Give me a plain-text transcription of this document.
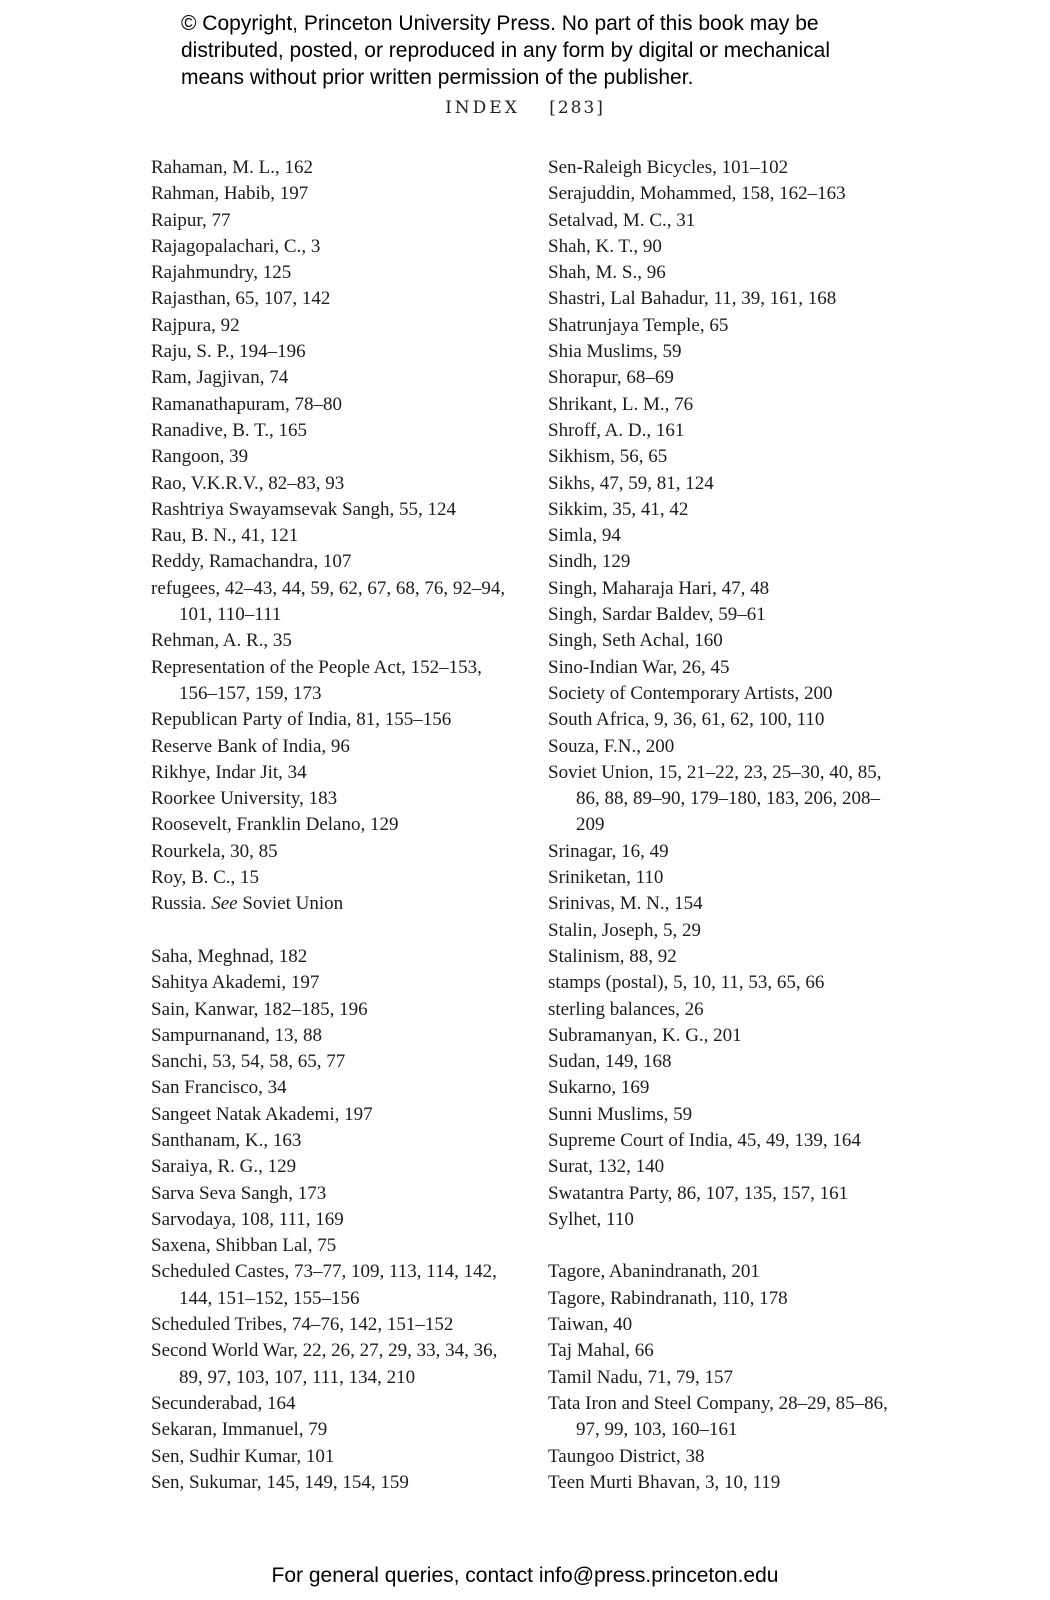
© Copyright, Princeton University Press. No part of this book may be
distributed, posted, or reproduced in any form by digital or mechanical
means without prior written permission of the publisher.
INDEX [283]
Rahaman, M. L., 162
Rahman, Habib, 197
Raipur, 77
Rajagopalachari, C., 3
Rajahmundry, 125
Rajasthan, 65, 107, 142
Rajpura, 92
Raju, S. P., 194–196
Ram, Jagjivan, 74
Ramanathapuram, 78–80
Ranadive, B. T., 165
Rangoon, 39
Rao, V.K.R.V., 82–83, 93
Rashtriya Swayamsevak Sangh, 55, 124
Rau, B. N., 41, 121
Reddy, Ramachandra, 107
refugees, 42–43, 44, 59, 62, 67, 68, 76, 92–94, 101, 110–111
Rehman, A. R., 35
Representation of the People Act, 152–153, 156–157, 159, 173
Republican Party of India, 81, 155–156
Reserve Bank of India, 96
Rikhye, Indar Jit, 34
Roorkee University, 183
Roosevelt, Franklin Delano, 129
Rourkela, 30, 85
Roy, B. C., 15
Russia. See Soviet Union
Saha, Meghnad, 182
Sahitya Akademi, 197
Sain, Kanwar, 182–185, 196
Sampurnanand, 13, 88
Sanchi, 53, 54, 58, 65, 77
San Francisco, 34
Sangeet Natak Akademi, 197
Santhanam, K., 163
Saraiya, R. G., 129
Sarva Seva Sangh, 173
Sarvodaya, 108, 111, 169
Saxena, Shibban Lal, 75
Scheduled Castes, 73–77, 109, 113, 114, 142, 144, 151–152, 155–156
Scheduled Tribes, 74–76, 142, 151–152
Second World War, 22, 26, 27, 29, 33, 34, 36, 89, 97, 103, 107, 111, 134, 210
Secunderabad, 164
Sekaran, Immanuel, 79
Sen, Sudhir Kumar, 101
Sen, Sukumar, 145, 149, 154, 159
Sen-Raleigh Bicycles, 101–102
Serajuddin, Mohammed, 158, 162–163
Setalvad, M. C., 31
Shah, K. T., 90
Shah, M. S., 96
Shastri, Lal Bahadur, 11, 39, 161, 168
Shatrunjaya Temple, 65
Shia Muslims, 59
Shorapur, 68–69
Shrikant, L. M., 76
Shroff, A. D., 161
Sikhism, 56, 65
Sikhs, 47, 59, 81, 124
Sikkim, 35, 41, 42
Simla, 94
Sindh, 129
Singh, Maharaja Hari, 47, 48
Singh, Sardar Baldev, 59–61
Singh, Seth Achal, 160
Sino-Indian War, 26, 45
Society of Contemporary Artists, 200
South Africa, 9, 36, 61, 62, 100, 110
Souza, F.N., 200
Soviet Union, 15, 21–22, 23, 25–30, 40, 85, 86, 88, 89–90, 179–180, 183, 206, 208–209
Srinagar, 16, 49
Sriniketan, 110
Srinivas, M. N., 154
Stalin, Joseph, 5, 29
Stalinism, 88, 92
stamps (postal), 5, 10, 11, 53, 65, 66
sterling balances, 26
Subramanyan, K. G., 201
Sudan, 149, 168
Sukarno, 169
Sunni Muslims, 59
Supreme Court of India, 45, 49, 139, 164
Surat, 132, 140
Swatantra Party, 86, 107, 135, 157, 161
Sylhet, 110
Tagore, Abanindranath, 201
Tagore, Rabindranath, 110, 178
Taiwan, 40
Taj Mahal, 66
Tamil Nadu, 71, 79, 157
Tata Iron and Steel Company, 28–29, 85–86, 97, 99, 103, 160–161
Taungoo District, 38
Teen Murti Bhavan, 3, 10, 119
For general queries, contact info@press.princeton.edu
